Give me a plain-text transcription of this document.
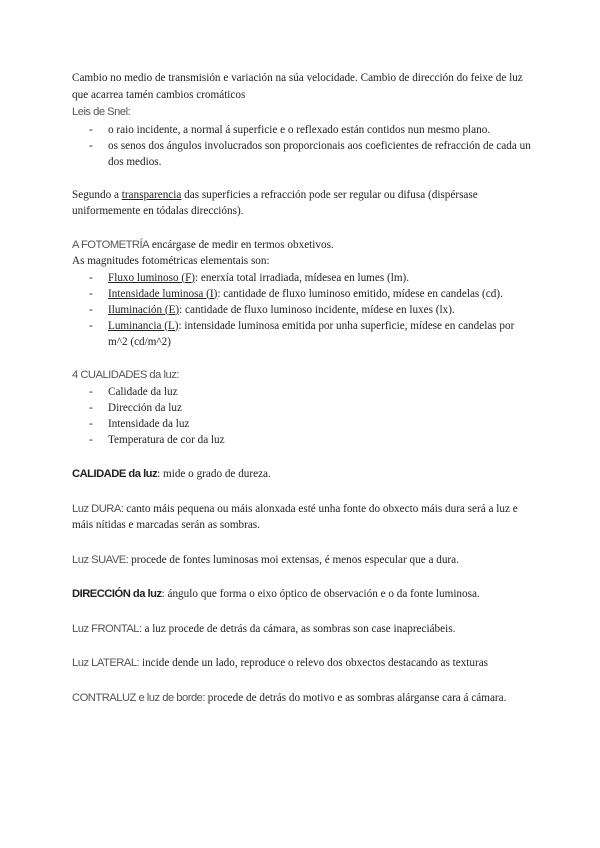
Cambio no medio de transmisión e variación na súa velocidade. Cambio de dirección do feixe de luz que acarrea tamén cambios cromáticos

Leis de Snel:

- o raio incidente, a normal á superficie e o reflexado están contidos nun mesmo plano.
- os senos dos ángulos involucrados son proporcionais aos coeficientes de refracción de cada un dos medios.

Segundo a transparencia das superficies a refracción pode ser regular ou difusa (dispérsase uniformemente en tódalas direccións).

A FOTOMETRÍA encárgase de medir en termos obxetivos.

As magnitudes fotométricas elementais son:

- Fluxo luminoso (F): enerxía total irradiada, mídesea en lumes (lm).
- Intensidade luminosa (I): cantidade de fluxo luminoso emitido, mídese en candelas (cd).
- Iluminación (E): cantidade de fluxo luminoso incidente, mídese en luxes (lx).
- Luminancia (L): intensidade luminosa emitida por unha superficie, mídese en candelas por m^2 (cd/m^2)

4 CUALIDADES da luz:

- Calidade da luz
- Dirección da luz
- Intensidade da luz
- Temperatura de cor da luz

CALIDADE da luz: mide o grado de dureza.

Luz DURA: canto máis pequena ou máis alonxada esté unha fonte do obxecto máis dura será a luz e máis nítidas e marcadas serán as sombras.

Luz SUAVE: procede de fontes luminosas moi extensas, é menos especular que a dura.

DIRECCIÓN da luz: ángulo que forma o eixo óptico de observación e o da fonte luminosa.

Luz FRONTAL: a luz procede de detrás da cámara, as sombras son case inapreciábeis.

Luz LATERAL: incide dende un lado, reproduce o relevo dos obxectos destacando as texturas

CONTRALUZ e luz de borde: procede de detrás do motivo e as sombras alárganse cara á cámara.
